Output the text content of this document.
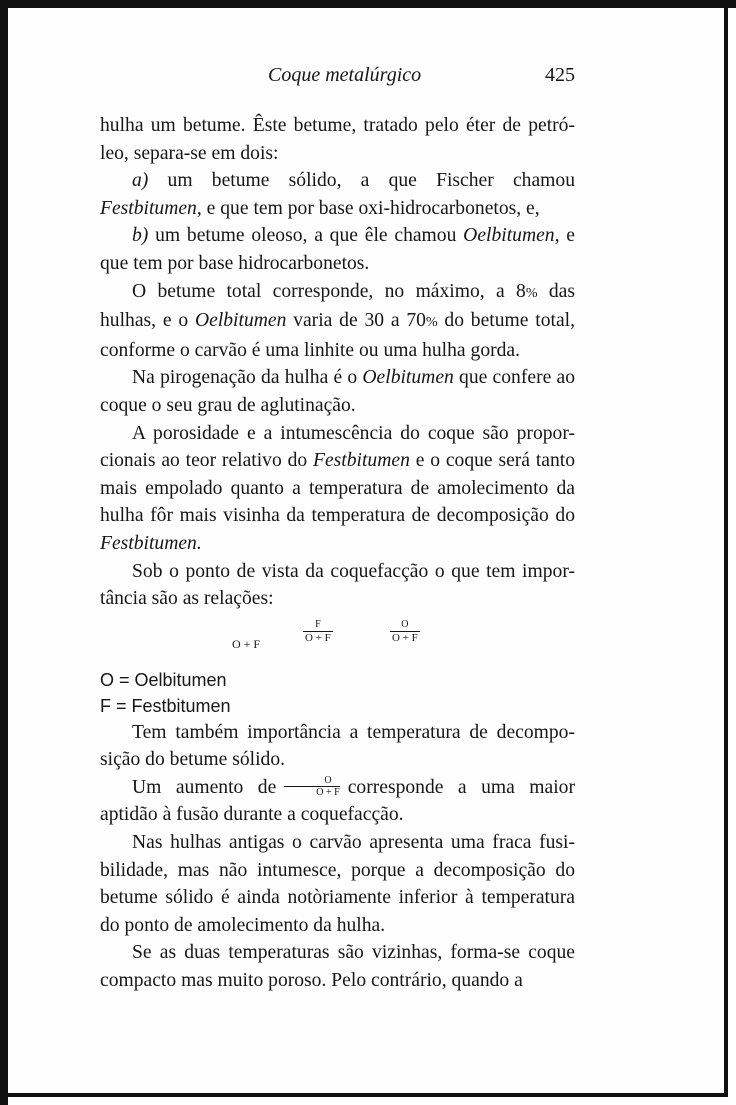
Coque metalúrgico	425

hulha um betume. Êste betume, tratado pelo éter de petró- leo, separa-se em dois:

a) um betume sólido, a que Fischer chamou Festbitumen, e que tem por base oxi-hidrocarbonetos, e,

b) um betume oleoso, a que êle chamou Oelbitumen, e que tem por base hidrocarbonetos.

O betume total corresponde, no máximo, a 8% das hulhas, e o Oelbitumen varia de 30 a 70% do betume total, conforme o carvão é uma linhite ou uma hulha gorda.

Na pirogenação da hulha é o Oelbitumen que confere ao coque o seu grau de aglutinação.

A porosidade e a intumescência do coque são propor- cionais ao teor relativo do Festbitumen e o coque será tanto mais empolado quanto a temperatura de amolecimento da hulha fôr mais visinha da temperatura de decomposição do Festbitumen.

Sob o ponto de vista da coquefacção o que tem impor- tância são as relações:

O + F	$\frac{F}{O + F}$	$\frac{O}{O + F}$

O = Oelbitumen

F = Festbitumen

Tem também importância a temperatura de decompo- sição do betume sólido.

Um aumento de $\frac{O}{O + F}$ corresponde a uma maior aptidão à fusão durante a coquefacção.

Nas hulhas antigas o carvão apresenta uma fraca fusi- bilidade, mas não intumesce, porque a decomposição do betume sólido é ainda notòriamente inferior à temperatura do ponto de amolecimento da hulha.

Se as duas temperaturas são vizinhas, forma-se coque compacto mas muito poroso. Pelo contrário, quando a
